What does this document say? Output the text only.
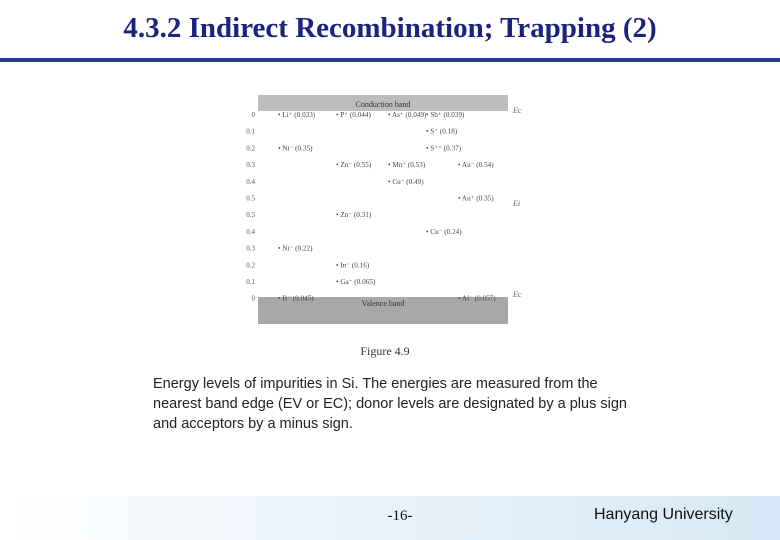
4.3.2 Indirect Recombination; Trapping (2)
Conduction band
Valence band
Ec
Ei
Ec
0
0.1
0.2
0.3
0.4
0.5
0.5
0.4
0.3
0.2
0.1
0
• Li⁺ (0.033)	• P⁺ (0.044) • As⁺ (0.049) • Sb⁺ (0.039)
• S⁺ (0.18)
• Ni⁻ (0.35)	• S⁺⁺ (0.37)
• Zn⁻ (0.55) • Mn⁺ (0.53)	• Au⁻ (0.54)
• Cu⁻ (0.49)
• Au⁺ (0.35)
• Zn⁻ (0.31)
• Cu⁻ (0.24)
• Ni⁻ (0.22)
• In⁻ (0.16)
• Ga⁻ (0.065)
• B⁻ (0.045)	• Al⁻ (0.057)
Figure 4.9
Energy levels of impurities in Si. The energies are measured from the nearest band edge (EV or EC); donor levels are designated by a plus sign and acceptors by a minus sign.
-16-	Hanyang University
